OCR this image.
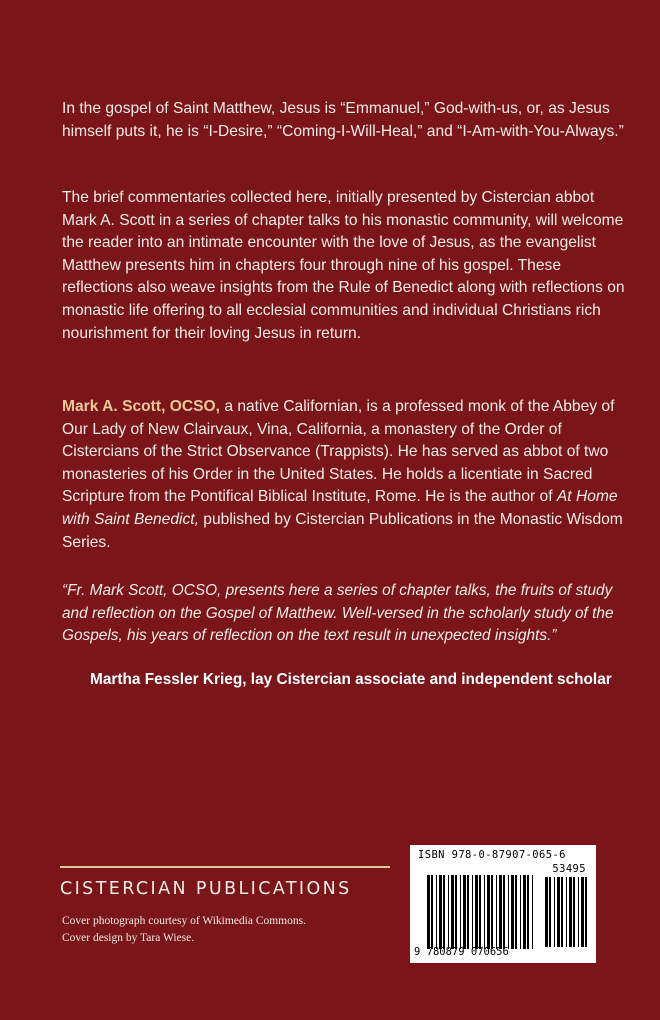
In the gospel of Saint Matthew, Jesus is “Emmanuel,” God-with-us, or, as Jesus himself puts it, he is “I-Desire,” “Coming-I-Will-Heal,” and “I-Am-with-You-Always.”
The brief commentaries collected here, initially presented by Cistercian abbot Mark A. Scott in a series of chapter talks to his monastic community, will welcome the reader into an intimate encounter with the love of Jesus, as the evangelist Matthew presents him in chapters four through nine of his gospel. These reflections also weave insights from the Rule of Benedict along with reflections on monastic life offering to all ecclesial communities and individual Christians rich nourishment for their loving Jesus in return.
Mark A. Scott, OCSO, a native Californian, is a professed monk of the Abbey of Our Lady of New Clairvaux, Vina, California, a monastery of the Order of Cistercians of the Strict Observance (Trappists). He has served as abbot of two monasteries of his Order in the United States. He holds a licentiate in Sacred Scripture from the Pontifical Biblical Institute, Rome. He is the author of At Home with Saint Benedict, published by Cistercian Publications in the Monastic Wisdom Series.
“Fr. Mark Scott, OCSO, presents here a series of chapter talks, the fruits of study and reflection on the Gospel of Matthew. Well-versed in the scholarly study of the Gospels, his years of reflection on the text result in unexpected insights.”
Martha Fessler Krieg, lay Cistercian associate and independent scholar
CISTERCIAN PUBLICATIONS
Cover photograph courtesy of Wikimedia Commons.
Cover design by Tara Wiese.
ISBN 978-0-87907-065-6
53495
9 780879 070656
